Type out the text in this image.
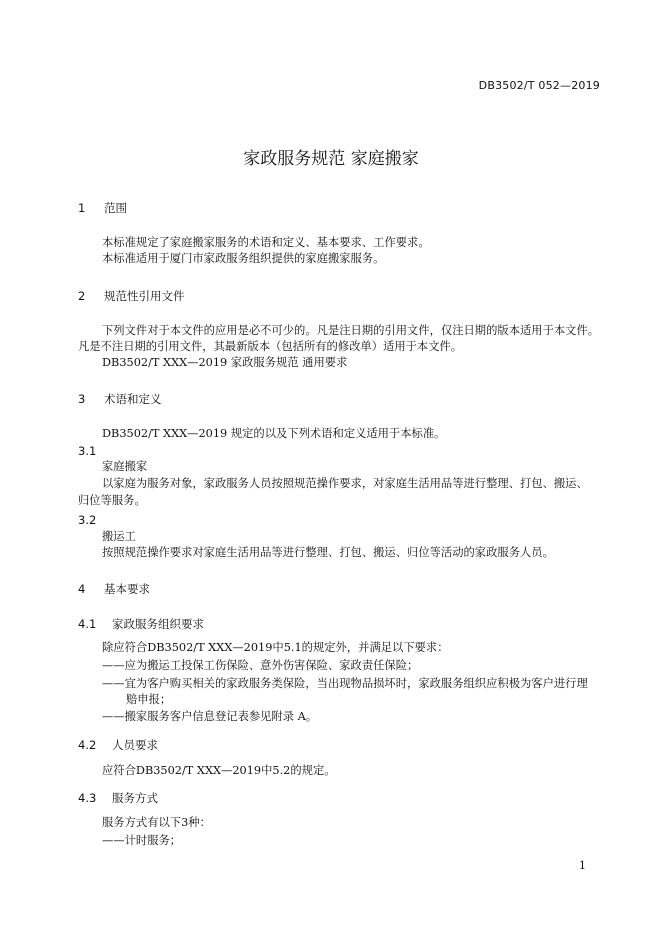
DB3502/T 052—2019
家政服务规范 家庭搬家
1 范围
本标准规定了家庭搬家服务的术语和定义、基本要求、工作要求。
本标准适用于厦门市家政服务组织提供的家庭搬家服务。
2 规范性引用文件
下列文件对于本文件的应用是必不可少的。凡是注日期的引用文件，仅注日期的版本适用于本文件。
凡是不注日期的引用文件，其最新版本（包括所有的修改单）适用于本文件。
DB3502/T XXX—2019 家政服务规范 通用要求
3 术语和定义
DB3502/T XXX—2019 规定的以及下列术语和定义适用于本标准。
3.1
家庭搬家
以家庭为服务对象，家政服务人员按照规范操作要求，对家庭生活用品等进行整理、打包、搬运、
归位等服务。
3.2
搬运工
按照规范操作要求对家庭生活用品等进行整理、打包、搬运、归位等活动的家政服务人员。
4 基本要求
4.1 家政服务组织要求
除应符合DB3502/T XXX—2019中5.1的规定外，并满足以下要求：
——应为搬运工投保工伤保险、意外伤害保险、家政责任保险；
——宜为客户购买相关的家政服务类保险，当出现物品损坏时，家政服务组织应积极为客户进行理
赔申报；
——搬家服务客户信息登记表参见附录 A。
4.2 人员要求
应符合DB3502/T XXX—2019中5.2的规定。
4.3 服务方式
服务方式有以下3种：
——计时服务；
1
